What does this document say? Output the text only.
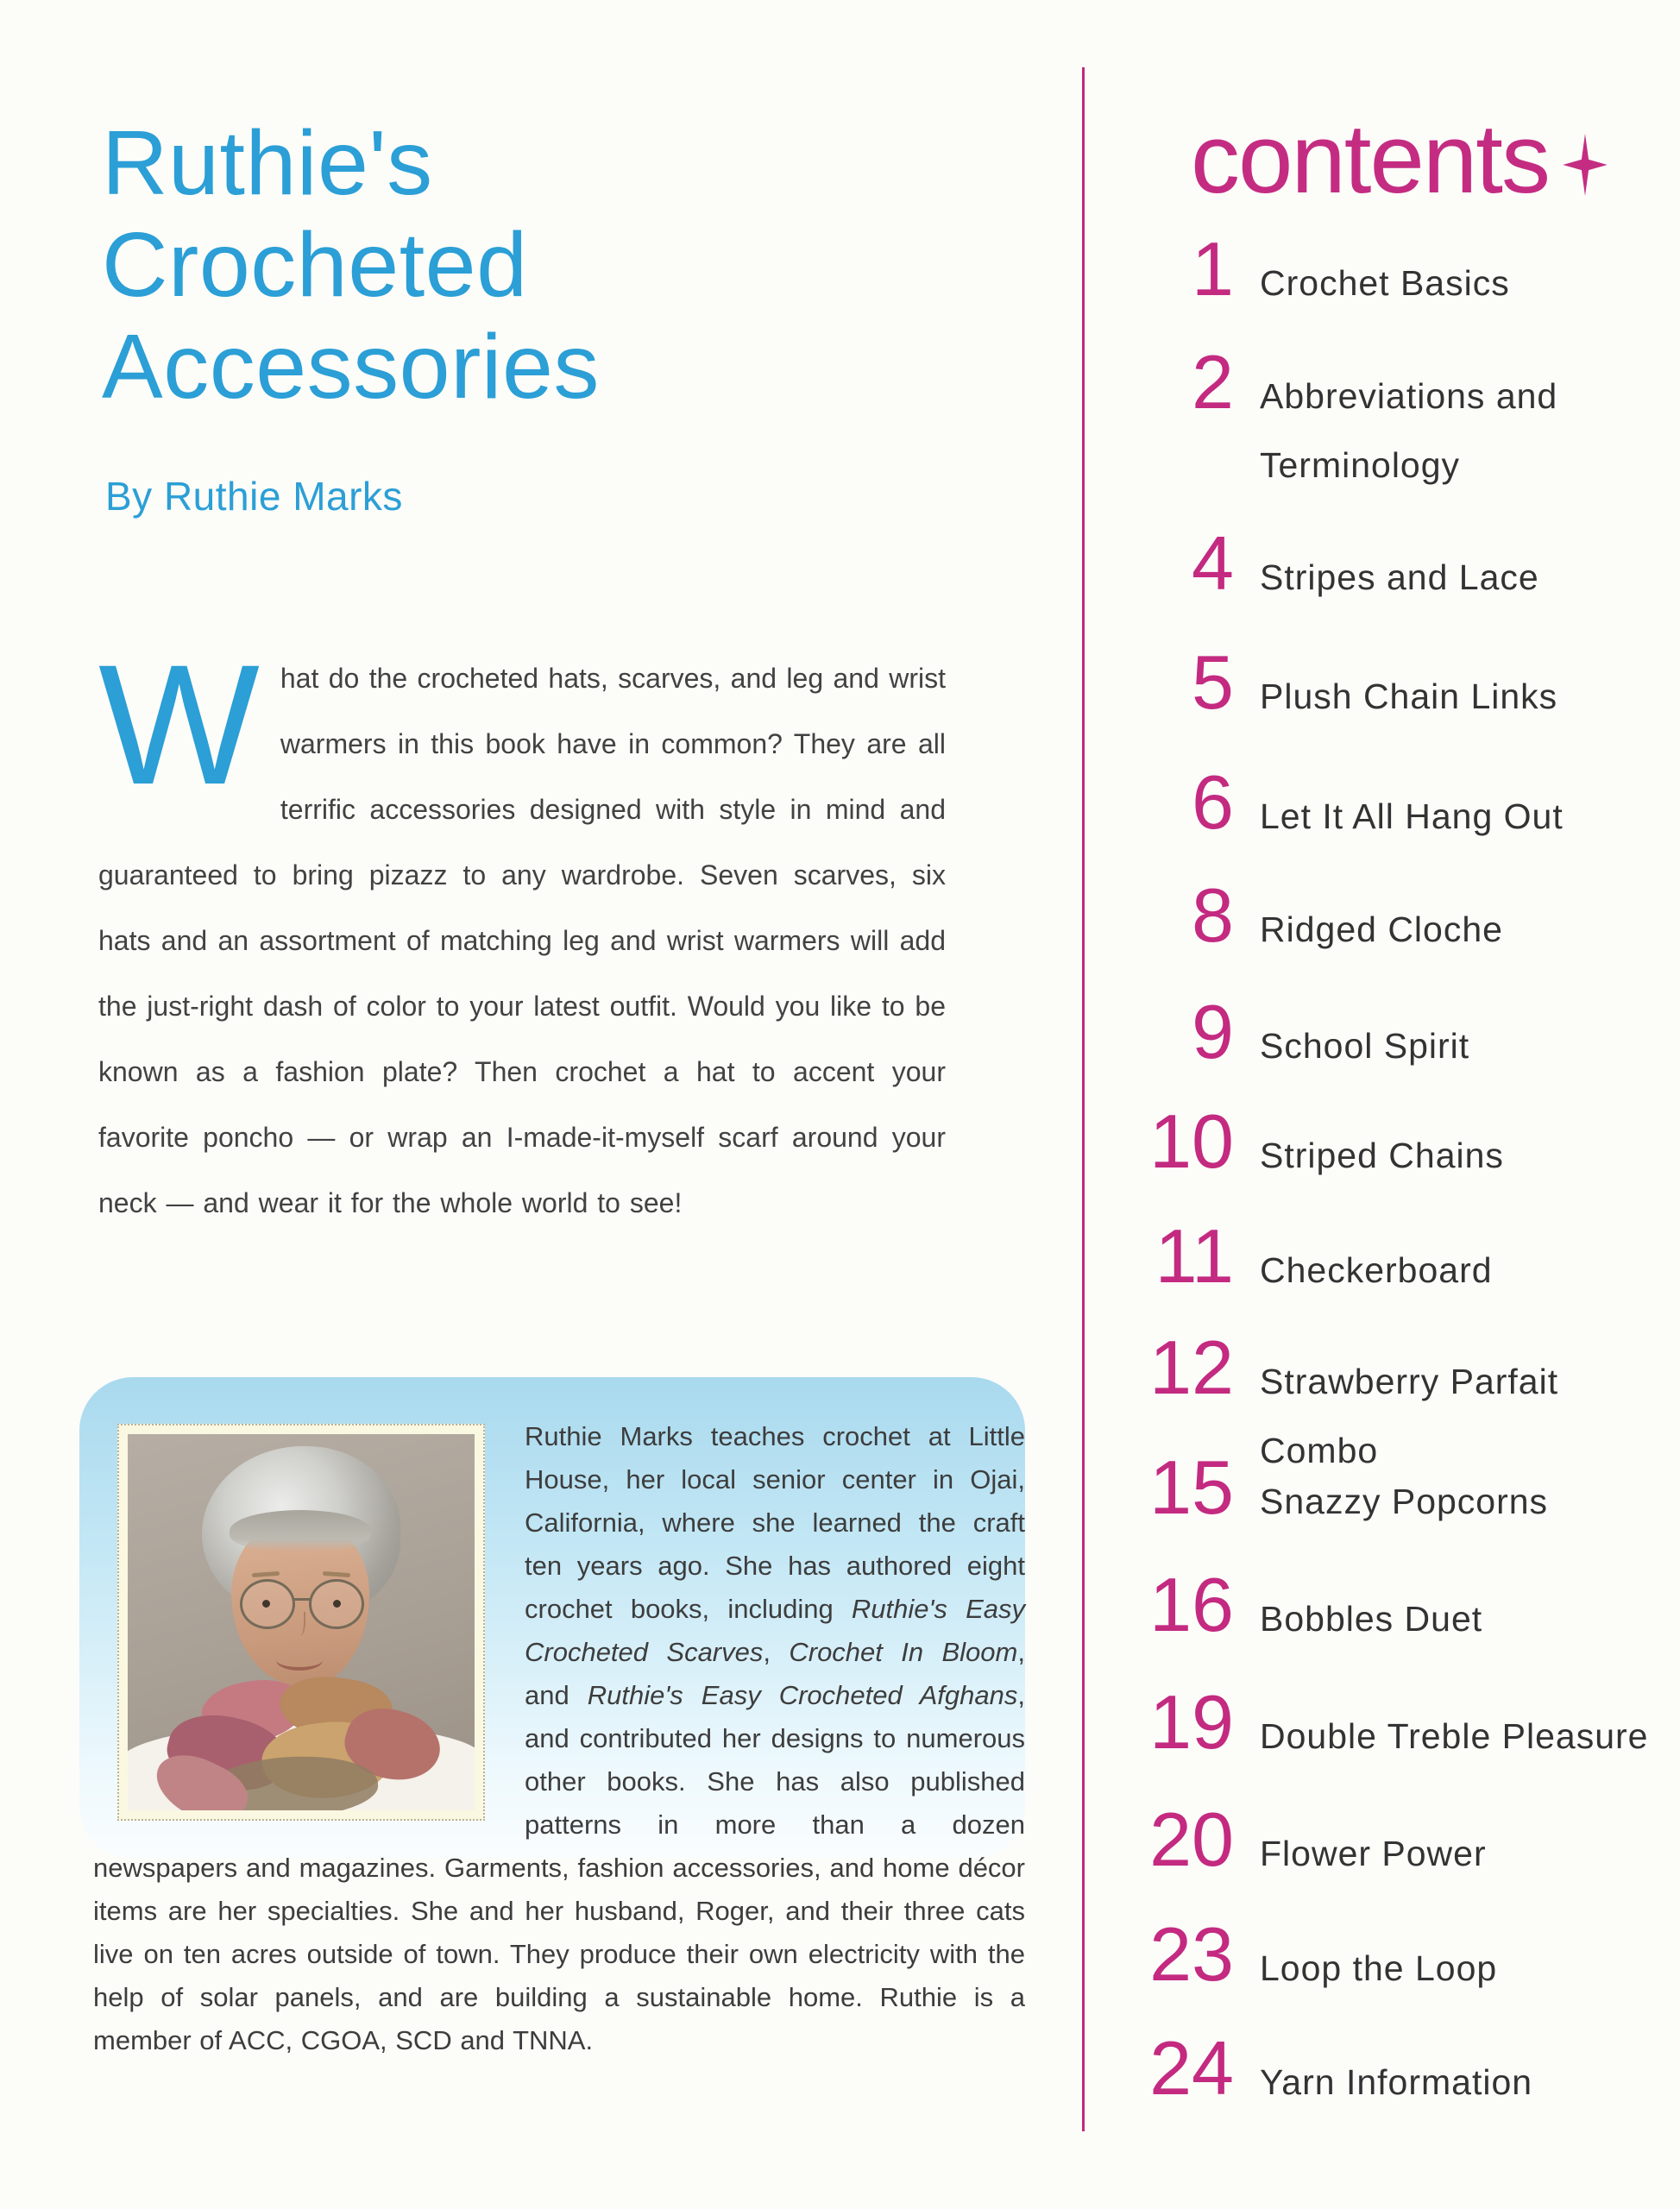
Ruthie's
Crocheted
Accessories
By Ruthie Marks

What do the crocheted hats, scarves, and leg and wrist warmers in this book have in common? They are all terrific accessories designed with style in mind and guaranteed to bring pizazz to any wardrobe. Seven scarves, six hats and an assortment of matching leg and wrist warmers will add the just-right dash of color to your latest outfit. Would you like to be known as a fashion plate? Then crochet a hat to accent your favorite poncho — or wrap an I-made-it-myself scarf around your neck — and wear it for the whole world to see!

Ruthie Marks teaches crochet at Little House, her local senior center in Ojai, California, where she learned the craft ten years ago. She has authored eight crochet books, including Ruthie's Easy Crocheted Scarves, Crochet In Bloom, and Ruthie's Easy Crocheted Afghans, and contributed her designs to numerous other books. She has also published patterns in more than a dozen newspapers and magazines. Garments, fashion accessories, and home décor items are her specialties. She and her husband, Roger, and their three cats live on ten acres outside of town. They produce their own electricity with the help of solar panels, and are building a sustainable home. Ruthie is a member of ACC, CGOA, SCD and TNNA.

contents
1 Crochet Basics
2 Abbreviations and
Terminology
4 Stripes and Lace
5 Plush Chain Links
6 Let It All Hang Out
8 Ridged Cloche
9 School Spirit
10 Striped Chains
11 Checkerboard
12 Strawberry Parfait Combo
15 Snazzy Popcorns
16 Bobbles Duet
19 Double Treble Pleasure
20 Flower Power
23 Loop the Loop
24 Yarn Information
